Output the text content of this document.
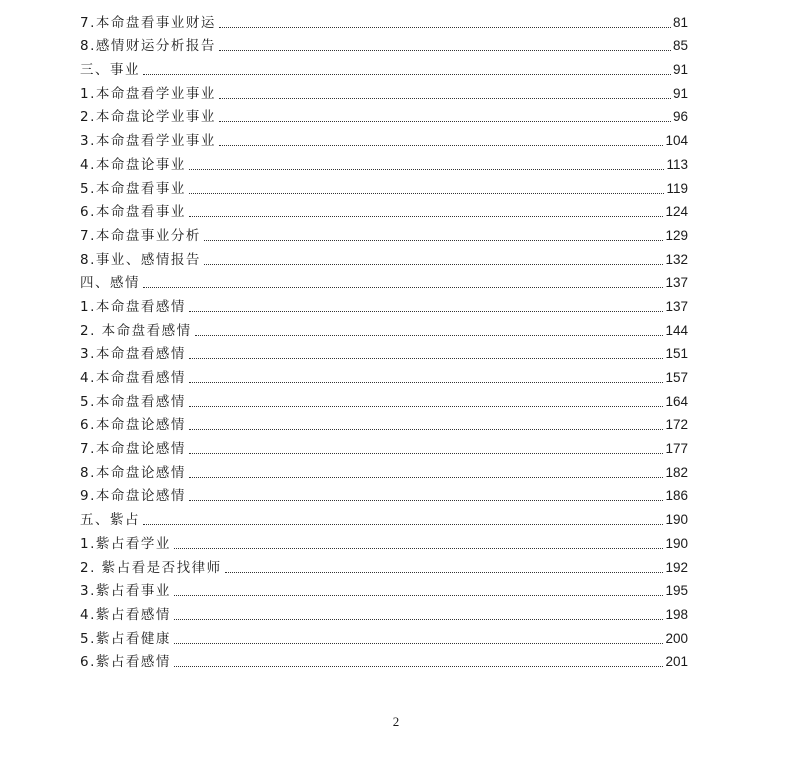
7.本命盘看事业财运	81
8.感情财运分析报告	85
三、事业	91
1.本命盘看学业事业	91
2.本命盘论学业事业	96
3.本命盘看学业事业	104
4.本命盘论事业	113
5.本命盘看事业	119
6.本命盘看事业	124
7.本命盘事业分析	129
8.事业、感情报告	132
四、感情	137
1.本命盘看感情	137
2. 本命盘看感情	144
3.本命盘看感情	151
4.本命盘看感情	157
5.本命盘看感情	164
6.本命盘论感情	172
7.本命盘论感情	177
8.本命盘论感情	182
9.本命盘论感情	186
五、紫占	190
1.紫占看学业	190
2. 紫占看是否找律师	192
3.紫占看事业	195
4.紫占看感情	198
5.紫占看健康	200
6.紫占看感情	201
2
